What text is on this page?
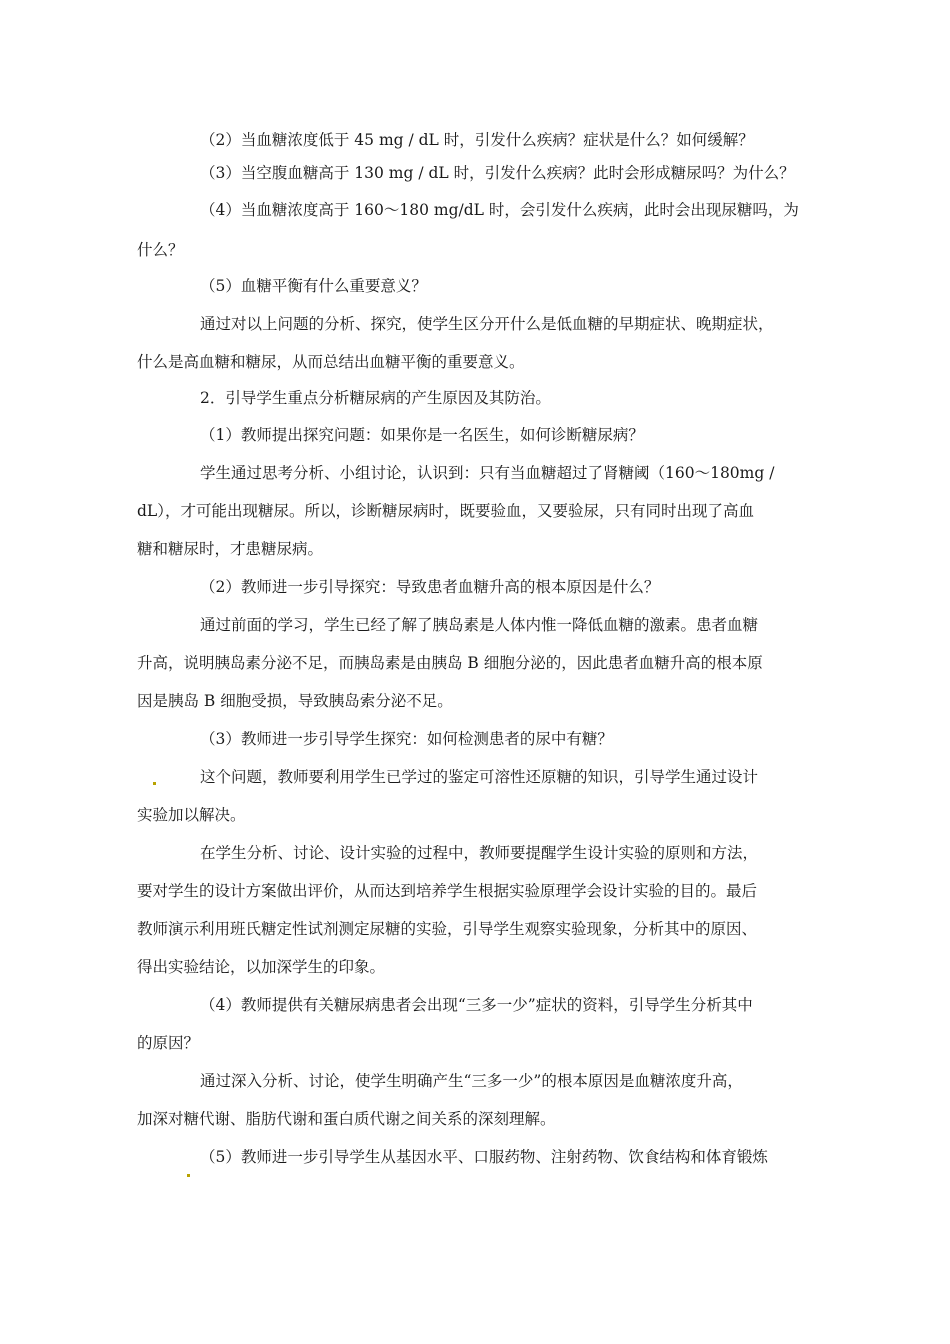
（2）当血糖浓度低于 45 mg / dL 时，引发什么疾病？症状是什么？如何缓解？
（3）当空腹血糖高于 130 mg / dL 时，引发什么疾病？此时会形成糖尿吗？为什么？
（4）当血糖浓度高于 160～180 mg/dL 时，会引发什么疾病，此时会出现尿糖吗，为
什么？
（5）血糖平衡有什么重要意义？
通过对以上问题的分析、探究，使学生区分开什么是低血糖的早期症状、晚期症状，
什么是高血糖和糖尿，从而总结出血糖平衡的重要意义。
2．引导学生重点分析糖尿病的产生原因及其防治。
（1）教师提出探究问题：如果你是一名医生，如何诊断糖尿病？
学生通过思考分析、小组讨论，认识到：只有当血糖超过了肾糖阈（160～180mg /
dL），才可能出现糖尿。所以，诊断糖尿病时，既要验血，又要验尿，只有同时出现了高血
糖和糖尿时，才患糖尿病。
（2）教师进一步引导探究：导致患者血糖升高的根本原因是什么？
通过前面的学习，学生已经了解了胰岛素是人体内惟一降低血糖的激素。患者血糖
升高，说明胰岛素分泌不足，而胰岛素是由胰岛 B 细胞分泌的，因此患者血糖升高的根本原
因是胰岛 B 细胞受损，导致胰岛索分泌不足。
（3）教师进一步引导学生探究：如何检测患者的尿中有糖？
这个问题，教师要利用学生已学过的鉴定可溶性还原糖的知识，引导学生通过设计
实验加以解决。
在学生分析、讨论、设计实验的过程中，教师要提醒学生设计实验的原则和方法，
要对学生的设计方案做出评价，从而达到培养学生根据实验原理学会设计实验的目的。最后
教师演示利用班氏糖定性试剂测定尿糖的实验，引导学生观察实验现象，分析其中的原因、
得出实验结论，以加深学生的印象。
（4）教师提供有关糖尿病患者会出现“三多一少”症状的资料，引导学生分析其中
的原因？
通过深入分析、讨论，使学生明确产生“三多一少”的根本原因是血糖浓度升高，
加深对糖代谢、脂肪代谢和蛋白质代谢之间关系的深刻理解。
（5）教师进一步引导学生从基因水平、口服药物、注射药物、饮食结构和体育锻炼
